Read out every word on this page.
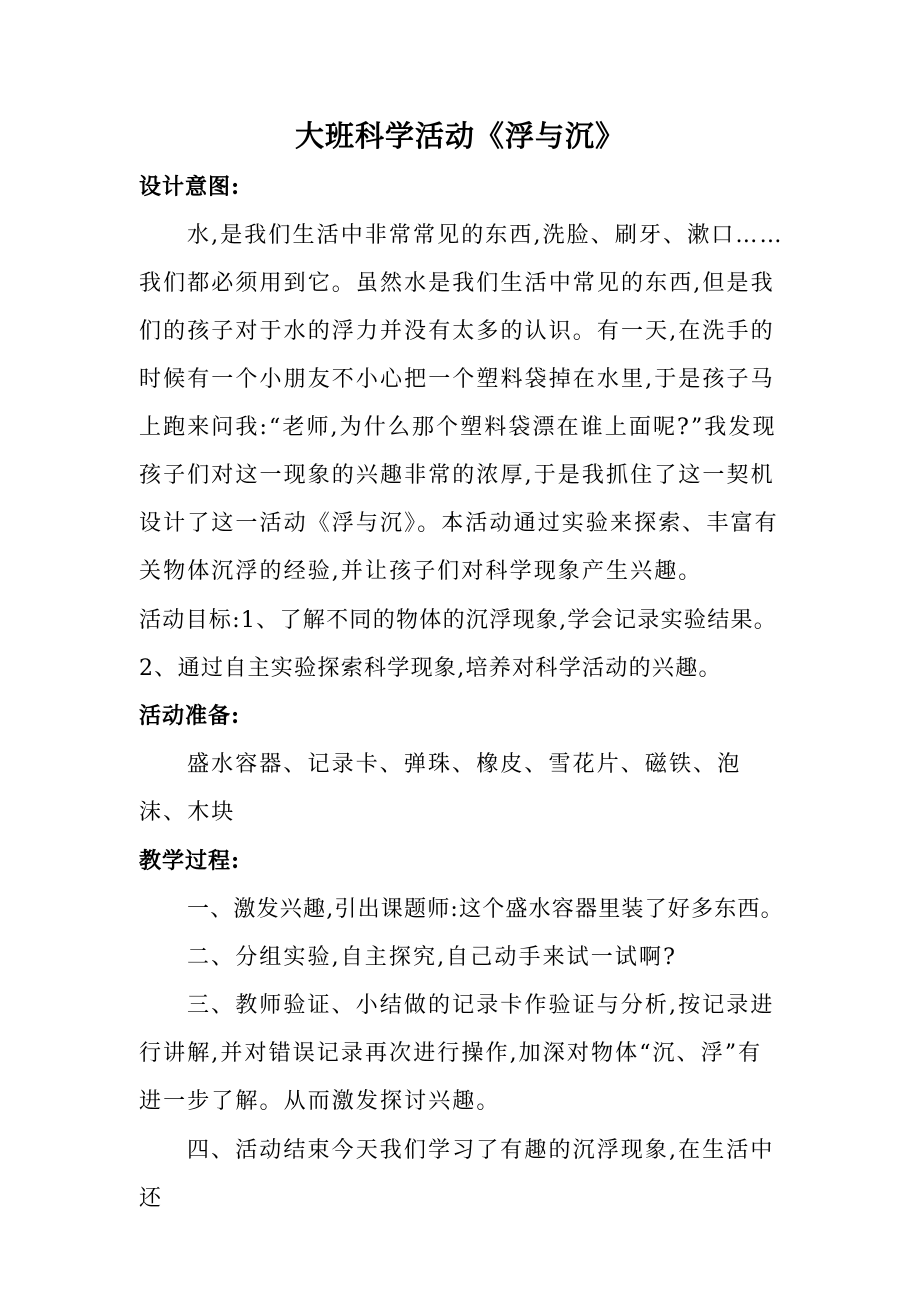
大班科学活动《浮与沉》

设计意图:

水,是我们生活中非常常见的东西,洗脸、刷牙、漱口……我们都必须用到它。虽然水是我们生活中常见的东西,但是我们的孩子对于水的浮力并没有太多的认识。有一天,在洗手的时候有一个小朋友不小心把一个塑料袋掉在水里,于是孩子马上跑来问我:“老师,为什么那个塑料袋漂在谁上面呢?”我发现孩子们对这一现象的兴趣非常的浓厚,于是我抓住了这一契机设计了这一活动《浮与沉》。本活动通过实验来探索、丰富有关物体沉浮的经验,并让孩子们对科学现象产生兴趣。

活动目标:1、了解不同的物体的沉浮现象,学会记录实验结果。

2、通过自主实验探索科学现象,培养对科学活动的兴趣。

活动准备:

盛水容器、记录卡、弹珠、橡皮、雪花片、磁铁、泡沫、木块

教学过程:

一、激发兴趣,引出课题师:这个盛水容器里装了好多东西。

二、分组实验,自主探究,自己动手来试一试啊?

三、教师验证、小结做的记录卡作验证与分析,按记录进行讲解,并对错误记录再次进行操作,加深对物体“沉、浮”有进一步了解。从而激发探讨兴趣。

四、活动结束今天我们学习了有趣的沉浮现象,在生活中还
